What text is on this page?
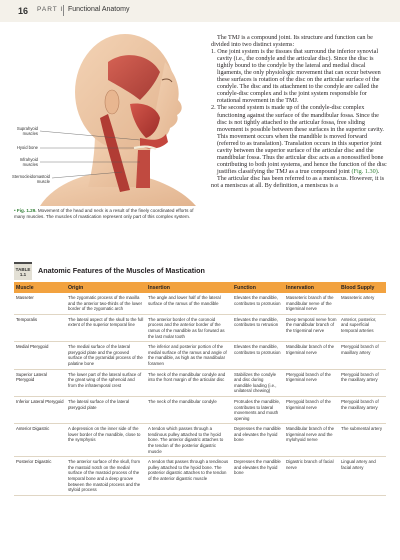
16 PART I Functional Anatomy
Suprahyoid muscles
Hyoid bone
Infrahyoid muscles
Sternocleidomastoid muscle
• Fig. 1.29. Movement of the head and neck is a result of the finely coordinated efforts of many muscles. The muscles of mastication represent only part of this complex system.

The TMJ is a compound joint. Its structure and function can be divided into two distinct systems:

1. One joint system is the tissues that surround the inferior synovial cavity (i.e., the condyle and the articular disc). Since the disc is tightly bound to the condyle by the lateral and medial discal ligaments, the only physiologic movement that can occur between these surfaces is rotation of the disc on the articular surface of the condyle. The disc and its attachment to the condyle are called the condyle-disc complex and is the joint system responsible for rotational movement in the TMJ.

2. The second system is made up of the condyle-disc complex functioning against the surface of the mandibular fossa. Since the disc is not tightly attached to the articular fossa, free sliding movement is possible between these surfaces in the superior cavity. This movement occurs when the mandible is moved forward (referred to as translation). Translation occurs in this superior joint cavity between the superior surface of the articular disc and the mandibular fossa. Thus the articular disc acts as a nonossified bone contributing to both joint systems, and hence the function of the disc justifies classifying the TMJ as a true compound joint (Fig. 1.30).

The articular disc has been referred to as a meniscus. However, it is not a meniscus at all. By definition, a meniscus is a

TABLE 1.1	Anatomic Features of the Muscles of Mastication
Muscle	Origin	Insertion	Function	Innervation	Blood Supply
Masseter	The zygomatic process of the maxilla and the anterior two-thirds of the lower border of the zygomatic arch	The angle and lower half of the lateral surface of the ramus of the mandible	Elevates the mandible, contributes to protrusion	Masseteric branch of the mandibular nerve of the trigeminal nerve	Masseteric artery
Temporalis	The lateral aspect of the skull to the full extent of the superior temporal line	The anterior border of the coronoid process and the anterior border of the ramus of the mandible as far forward as the last molar tooth	Elevates the mandible, contributes to retrusion	Deep temporal nerve from the mandibular branch of the trigeminal nerve	Anterior, posterior, and superficial temporal arteries
Medial Pterygoid	The medial surface of the lateral pterygoid plate and the grooved surface of the pyramidal process of the palatine bone	The inferior and posterior portion of the medial surface of the ramus and angle of the mandible, as high as the mandibular foramen	Elevates the mandible, contributes to protrusion	Mandibular branch of the trigeminal nerve	Pterygoid branch of maxillary artery
Superior Lateral Pterygoid	The lower part of the lateral surface of the great wing of the sphenoid and from the infratemporal crest	The neck of the mandibular condyle and into the front margin of the articular disc	Stabilizes the condyle and disc during mandible loading (i.e., unilateral chewing)	Pterygoid branch of the trigeminal nerve	Pterygoid branch of the maxillary artery
Inferior Lateral Pterygoid	The lateral surface of the lateral pterygoid plate	The neck of the mandibular condyle	Protrudes the mandible, contributes to lateral movements and mouth opening	Pterygoid branch of the trigeminal nerve	Pterygoid branch of the maxillary artery
Anterior Digastric	A depression on the inner side of the lower border of the mandible, close to the symphysis	A tendon which passes through a tendinous pulley attached to the hyoid bone. The anterior digastric attaches to the tendon of the posterior digastric muscle	Depresses the mandible and elevates the hyoid bone	Mandibular branch of the trigeminal nerve and the mylohyoid nerve	The submental artery
Posterior Digastric	The anterior surface of the skull, from the mastoid notch on the medial surface of the mastoid process of the temporal bone and a deep groove between the mastoid process and the styloid process	A tendon that passes through a tendinous pulley attached to the hyoid bone. The posterior digastric attaches to the tendon of the anterior digastric muscle	Depresses the mandible and elevates the hyoid bone	Digastric branch of facial nerve	Lingual artery and facial artery
